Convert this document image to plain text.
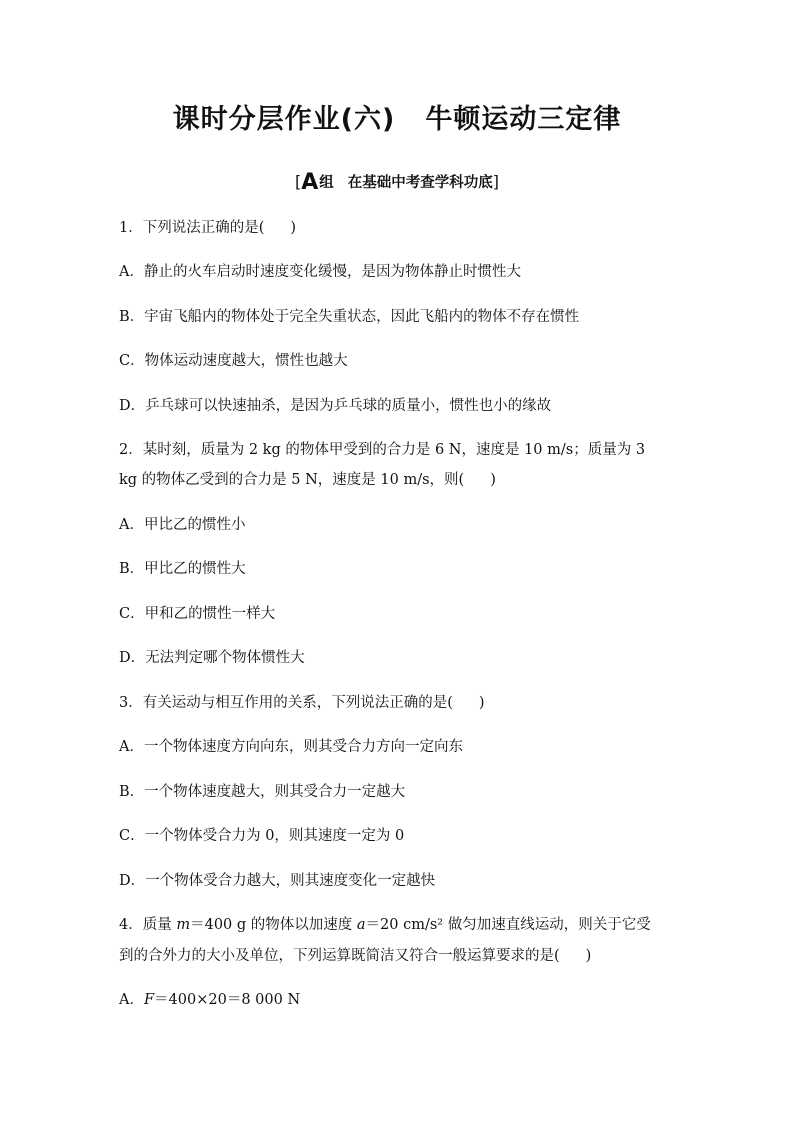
课时分层作业(六) 牛顿运动三定律
[A组 在基础中考查学科功底]
1．下列说法正确的是( )
A．静止的火车启动时速度变化缓慢，是因为物体静止时惯性大
B．宇宙飞船内的物体处于完全失重状态，因此飞船内的物体不存在惯性
C．物体运动速度越大，惯性也越大
D．乒乓球可以快速抽杀，是因为乒乓球的质量小，惯性也小的缘故
2．某时刻，质量为 2 kg 的物体甲受到的合力是 6 N，速度是 10 m/s；质量为 3
kg 的物体乙受到的合力是 5 N，速度是 10 m/s，则( )
A．甲比乙的惯性小
B．甲比乙的惯性大
C．甲和乙的惯性一样大
D．无法判定哪个物体惯性大
3．有关运动与相互作用的关系，下列说法正确的是( )
A．一个物体速度方向向东，则其受合力方向一定向东
B．一个物体速度越大，则其受合力一定越大
C．一个物体受合力为 0，则其速度一定为 0
D．一个物体受合力越大，则其速度变化一定越快
4．质量 m＝400 g 的物体以加速度 a＝20 cm/s² 做匀加速直线运动，则关于它受
到的合外力的大小及单位，下列运算既简洁又符合一般运算要求的是( )
A．F＝400×20＝8 000 N
